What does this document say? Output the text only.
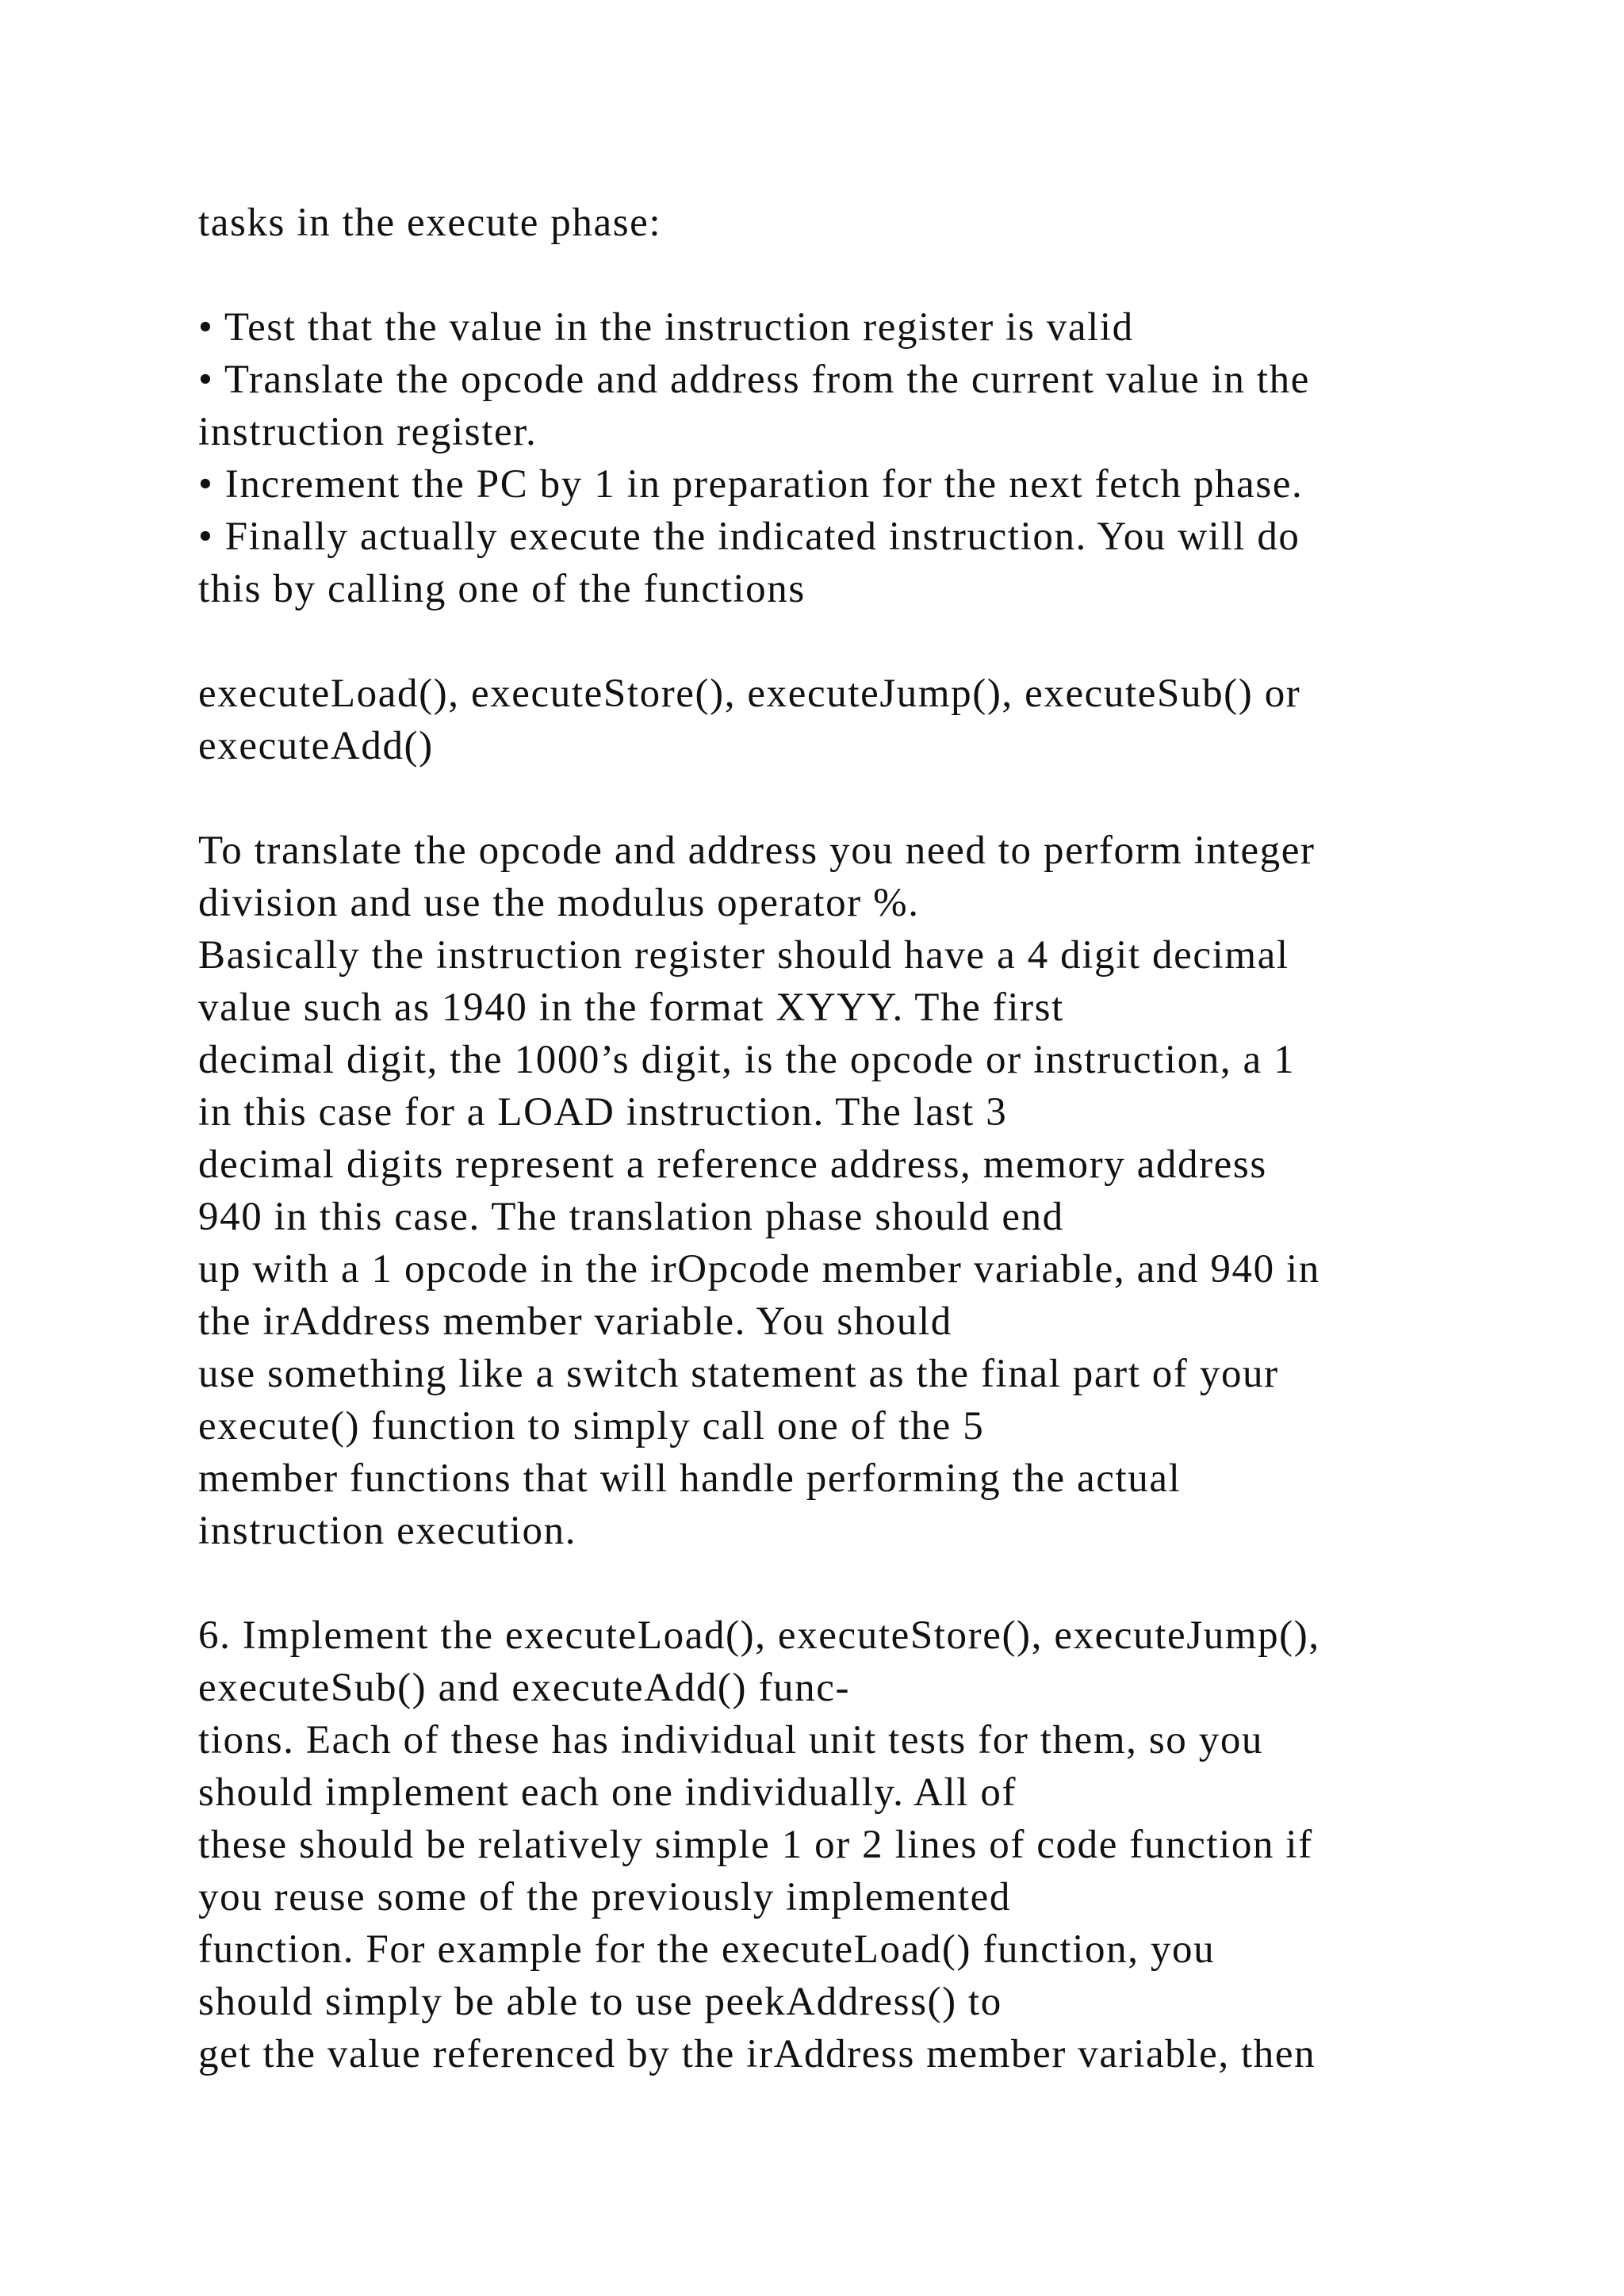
tasks in the execute phase:
• Test that the value in the instruction register is valid
• Translate the opcode and address from the current value in the
instruction register.
• Increment the PC by 1 in preparation for the next fetch phase.
• Finally actually execute the indicated instruction. You will do
this by calling one of the functions
executeLoad(), executeStore(), executeJump(), executeSub() or
executeAdd()
To translate the opcode and address you need to perform integer
division and use the modulus operator %.
Basically the instruction register should have a 4 digit decimal
value such as 1940 in the format XYYY. The first
decimal digit, the 1000’s digit, is the opcode or instruction, a 1
in this case for a LOAD instruction. The last 3
decimal digits represent a reference address, memory address
940 in this case. The translation phase should end
up with a 1 opcode in the irOpcode member variable, and 940 in
the irAddress member variable. You should
use something like a switch statement as the final part of your
execute() function to simply call one of the 5
member functions that will handle performing the actual
instruction execution.
6. Implement the executeLoad(), executeStore(), executeJump(),
executeSub() and executeAdd() func-
tions. Each of these has individual unit tests for them, so you
should implement each one individually. All of
these should be relatively simple 1 or 2 lines of code function if
you reuse some of the previously implemented
function. For example for the executeLoad() function, you
should simply be able to use peekAddress() to
get the value referenced by the irAddress member variable, then
